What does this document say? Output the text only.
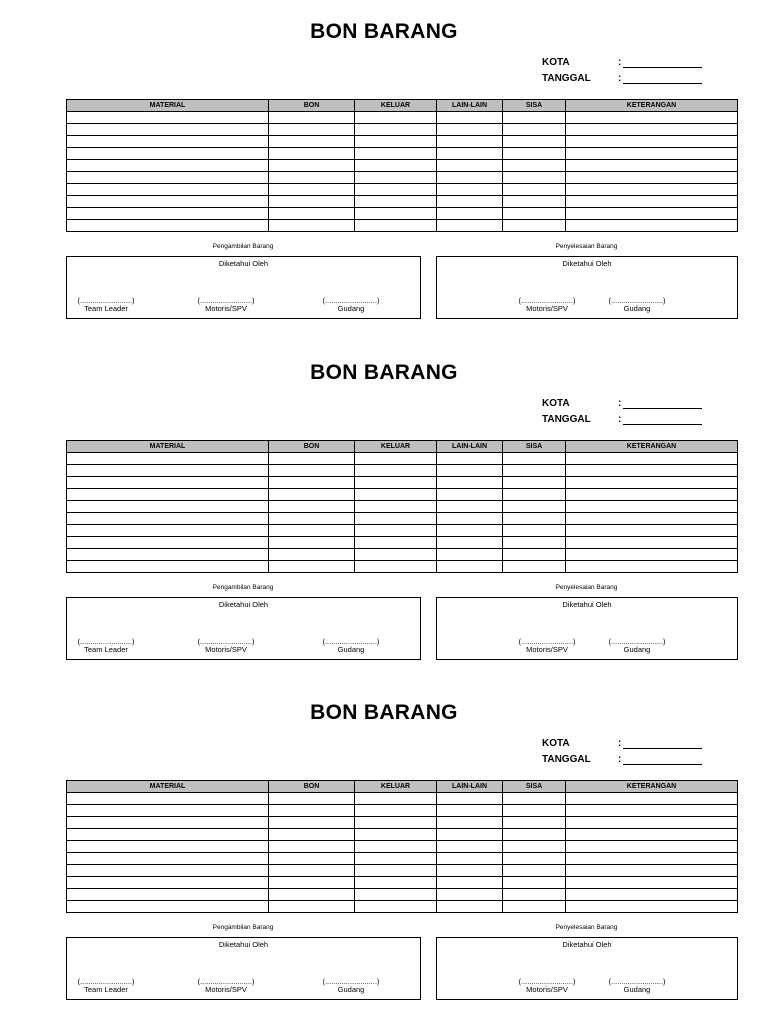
BON BARANG
KOTA	:
TANGGAL	:
MATERIAL	BON	KELUAR	LAIN-LAIN	SISA	KETERANGAN

Pengambilan Barang	Penyelesaian Barang
Diketahui Oleh
(.........................)
Team Leader
(.........................)
Motoris/SPV
(.........................)
Gudang
Diketahui Oleh
(.........................)
Motoris/SPV
(.........................)
Gudang
BON BARANG
KOTA	:
TANGGAL	:
MATERIAL	BON	KELUAR	LAIN-LAIN	SISA	KETERANGAN

Pengambilan Barang	Penyelesaian Barang
Diketahui Oleh
(.........................)
Team Leader
(.........................)
Motoris/SPV
(.........................)
Gudang
Diketahui Oleh
(.........................)
Motoris/SPV
(.........................)
Gudang
BON BARANG
KOTA	:
TANGGAL	:
MATERIAL	BON	KELUAR	LAIN-LAIN	SISA	KETERANGAN

Pengambilan Barang	Penyelesaian Barang
Diketahui Oleh
(.........................)
Team Leader
(.........................)
Motoris/SPV
(.........................)
Gudang
Diketahui Oleh
(.........................)
Motoris/SPV
(.........................)
Gudang
